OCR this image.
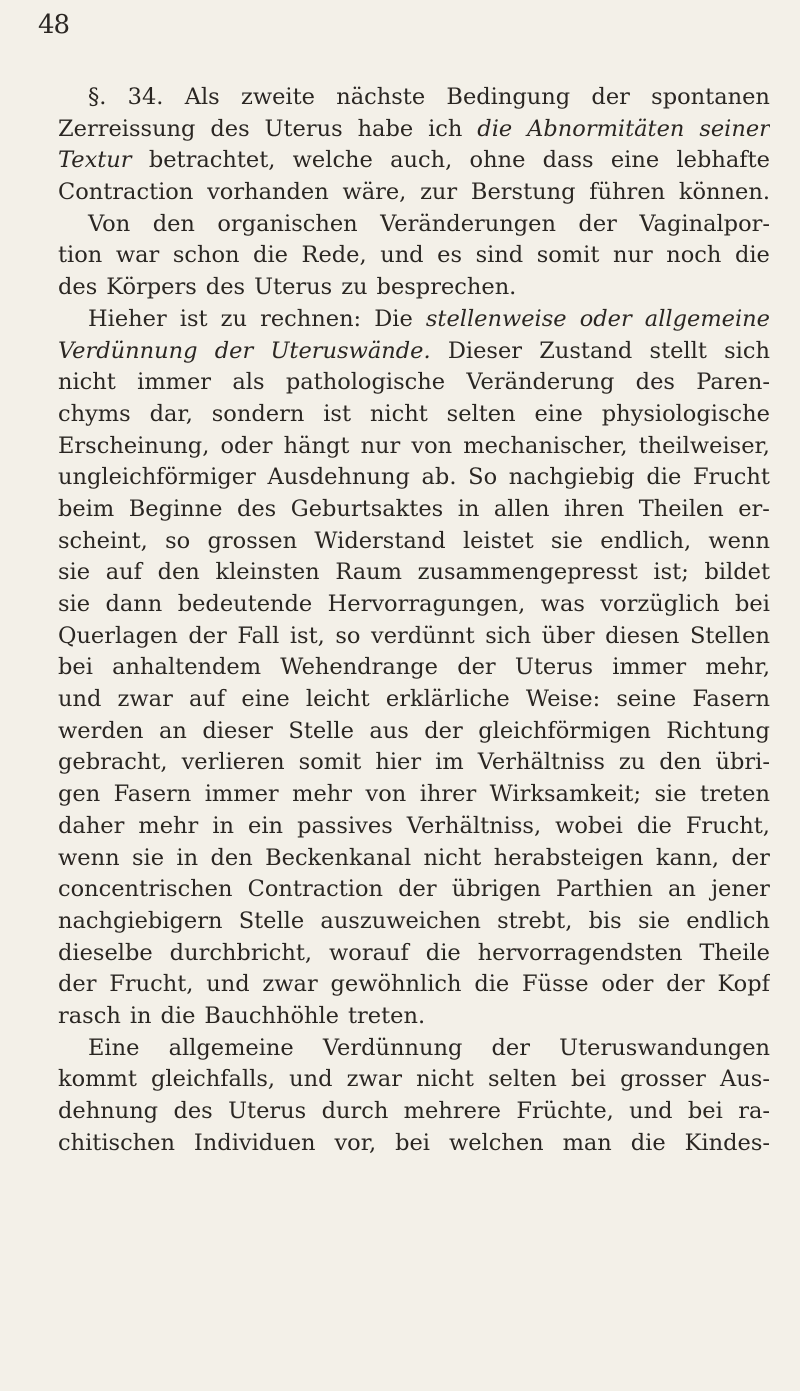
48
§. 34. Als zweite nächste Bedingung der spontanen
Zerreissung des Uterus habe ich die Abnormitäten seiner
Textur betrachtet, welche auch, ohne dass eine lebhafte
Contraction vorhanden wäre, zur Berstung führen können.
Von den organischen Veränderungen der Vaginalpor-
tion war schon die Rede, und es sind somit nur noch die
des Körpers des Uterus zu besprechen.
Hieher ist zu rechnen: Die stellenweise oder allgemeine
Verdünnung der Uteruswände. Dieser Zustand stellt sich
nicht immer als pathologische Veränderung des Paren-
chyms dar, sondern ist nicht selten eine physiologische
Erscheinung, oder hängt nur von mechanischer, theilweiser,
ungleichförmiger Ausdehnung ab. So nachgiebig die Frucht
beim Beginne des Geburtsaktes in allen ihren Theilen er-
scheint, so grossen Widerstand leistet sie endlich, wenn
sie auf den kleinsten Raum zusammengepresst ist; bildet
sie dann bedeutende Hervorragungen, was vorzüglich bei
Querlagen der Fall ist, so verdünnt sich über diesen Stellen
bei anhaltendem Wehendrange der Uterus immer mehr,
und zwar auf eine leicht erklärliche Weise: seine Fasern
werden an dieser Stelle aus der gleichförmigen Richtung
gebracht, verlieren somit hier im Verhältniss zu den übri-
gen Fasern immer mehr von ihrer Wirksamkeit; sie treten
daher mehr in ein passives Verhältniss, wobei die Frucht,
wenn sie in den Beckenkanal nicht herabsteigen kann, der
concentrischen Contraction der übrigen Parthien an jener
nachgiebigern Stelle auszuweichen strebt, bis sie endlich
dieselbe durchbricht, worauf die hervorragendsten Theile
der Frucht, und zwar gewöhnlich die Füsse oder der Kopf
rasch in die Bauchhöhle treten.
Eine allgemeine Verdünnung der Uteruswandungen
kommt gleichfalls, und zwar nicht selten bei grosser Aus-
dehnung des Uterus durch mehrere Früchte, und bei ra-
chitischen Individuen vor, bei welchen man die Kindes-
